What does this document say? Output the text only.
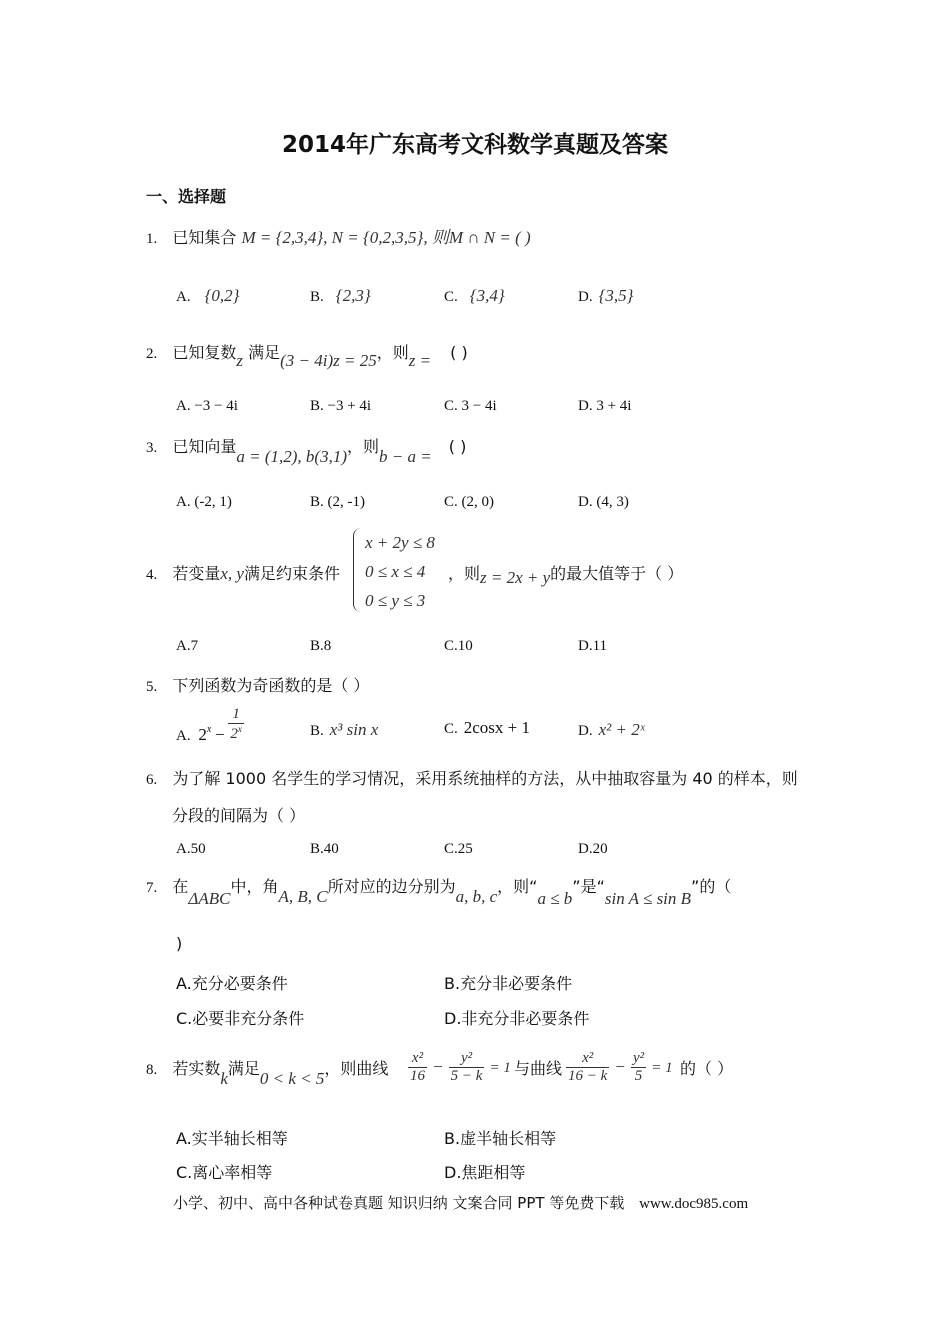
2014年广东高考文科数学真题及答案
一、选择题
1. 已知集合 M = {2,3,4}, N = {0,2,3,5}, 则M ∩ N = ( )
A. {0,2}	B. {2,3}	C. {3,4}	D. {3,5}
2. 已知复数z 满足(3 − 4i)z = 25，则z = ( )
A. −3 − 4i	B. −3 + 4i	C. 3 − 4i	D. 3 + 4i
3. 已知向量a = (1,2), b(3,1)，则b − a = ( )
A. (-2, 1)	B. (2, -1)	C. (2, 0)	D. (4, 3)
4. 若变量x, y满足约束条件
x + 2y ≤ 8
0 ≤ x ≤ 4
0 ≤ y ≤ 3
，则z = 2x + y的最大值等于（ ）
A.7	B.8	C.10	D.11
5. 下列函数为奇函数的是（ ）
A. $2^x - \frac{1}{2^x}$	B. x³ sin x	C. 2cosx + 1	D. x² + 2ˣ
6. 为了解 1000 名学生的学习情况，采用系统抽样的方法，从中抽取容量为 40 的样本，则
分段的间隔为（ ）
A.50	B.40	C.25	D.20
7. 在ΔABC中，角A, B, C所对应的边分别为a, b, c，则“a ≤ b”是“sin A ≤ sin B”的（
)
A.充分必要条件	B.充分非必要条件
C.必要非充分条件	D.非充分非必要条件
8. 若实数k满足0 < k < 5，则曲线 $\frac{\text{x²}}{16} - \frac{\text{y²}}{5 - k} = 1$ 与曲线 $\frac{\text{x²}}{16 - k} - \frac{\text{y²}}{5} = 1$ 的（ ）
A.实半轴长相等	B.虚半轴长相等
C.离心率相等	D.焦距相等
小学、初中、高中各种试卷真题 知识归纳 文案合同 PPT 等免费下载 www.doc985.com
